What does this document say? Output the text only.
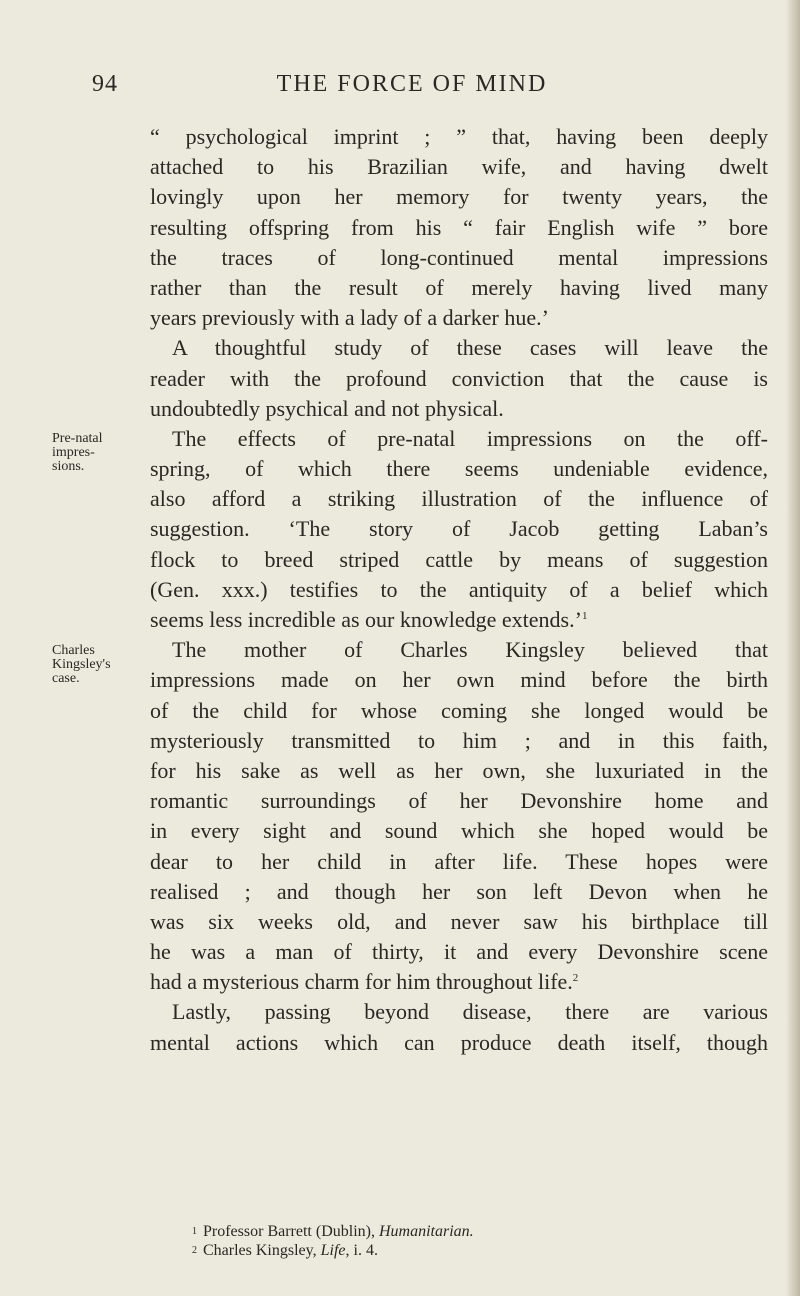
94	THE FORCE OF MIND
Pre-natal
impres-
sions.
Charles
Kingsley's
case.
“ psychological imprint ; ” that, having been deeply
attached to his Brazilian wife, and having dwelt
lovingly upon her memory for twenty years, the
resulting offspring from his “ fair English wife ” bore
the traces of long-continued mental impressions
rather than the result of merely having lived many
years previously with a lady of a darker hue.’
A thoughtful study of these cases will leave the
reader with the profound conviction that the cause is
undoubtedly psychical and not physical.
The effects of pre-natal impressions on the off-
spring, of which there seems undeniable evidence,
also afford a striking illustration of the influence of
suggestion. ‘The story of Jacob getting Laban’s
flock to breed striped cattle by means of suggestion
(Gen. xxx.) testifies to the antiquity of a belief which
seems less incredible as our knowledge extends.’$^1$
The mother of Charles Kingsley believed that
impressions made on her own mind before the birth
of the child for whose coming she longed would be
mysteriously transmitted to him ; and in this faith,
for his sake as well as her own, she luxuriated in the
romantic surroundings of her Devonshire home and
in every sight and sound which she hoped would be
dear to her child in after life. These hopes were
realised ; and though her son left Devon when he
was six weeks old, and never saw his birthplace till
he was a man of thirty, it and every Devonshire scene
had a mysterious charm for him throughout life.$^2$
Lastly, passing beyond disease, there are various
mental actions which can produce death itself, though
$^1$ Professor Barrett (Dublin), Humanitarian.
$^2$ Charles Kingsley, Life, i. 4.
